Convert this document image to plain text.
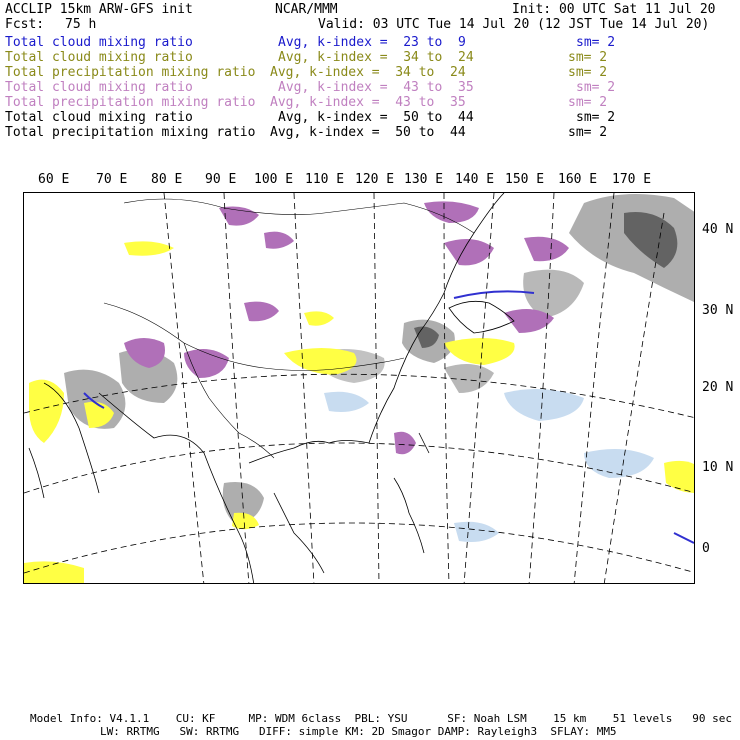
ACCLIP 15km ARW-GFS init	NCAR/MMM	Init: 00 UTC Sat 11 Jul 20
Fcst: 75 h	Valid: 03 UTC Tue 14 Jul 20 (12 JST Tue 14 Jul 20)
Total cloud mixing ratio	Avg, k-index =  23 to  9	sm= 2
Total cloud mixing ratio	Avg, k-index =  34 to  24	sm= 2
Total precipitation mixing ratio Avg, k-index =  34 to  24	sm= 2
Total cloud mixing ratio	Avg, k-index =  43 to  35	sm= 2
Total precipitation mixing ratio Avg, k-index =  43 to  35	sm= 2
Total cloud mixing ratio	Avg, k-index =  50 to  44	sm= 2
Total precipitation mixing ratio Avg, k-index =  50 to  44	sm= 2
60 E 70 E 80 E 90 E 100 E 110 E 120 E 130 E 140 E 150 E 160 E 170 E
40 N
30 N
20 N
10 N
0
Model Info: V4.1.1    CU: KF     MP: WDM 6class  PBL: YSU      SF: Noah LSM    15 km    51 levels   90 sec
LW: RRTMG   SW: RRTMG   DIFF: simple KM: 2D Smagor DAMP: Rayleigh3  SFLAY: MM5
